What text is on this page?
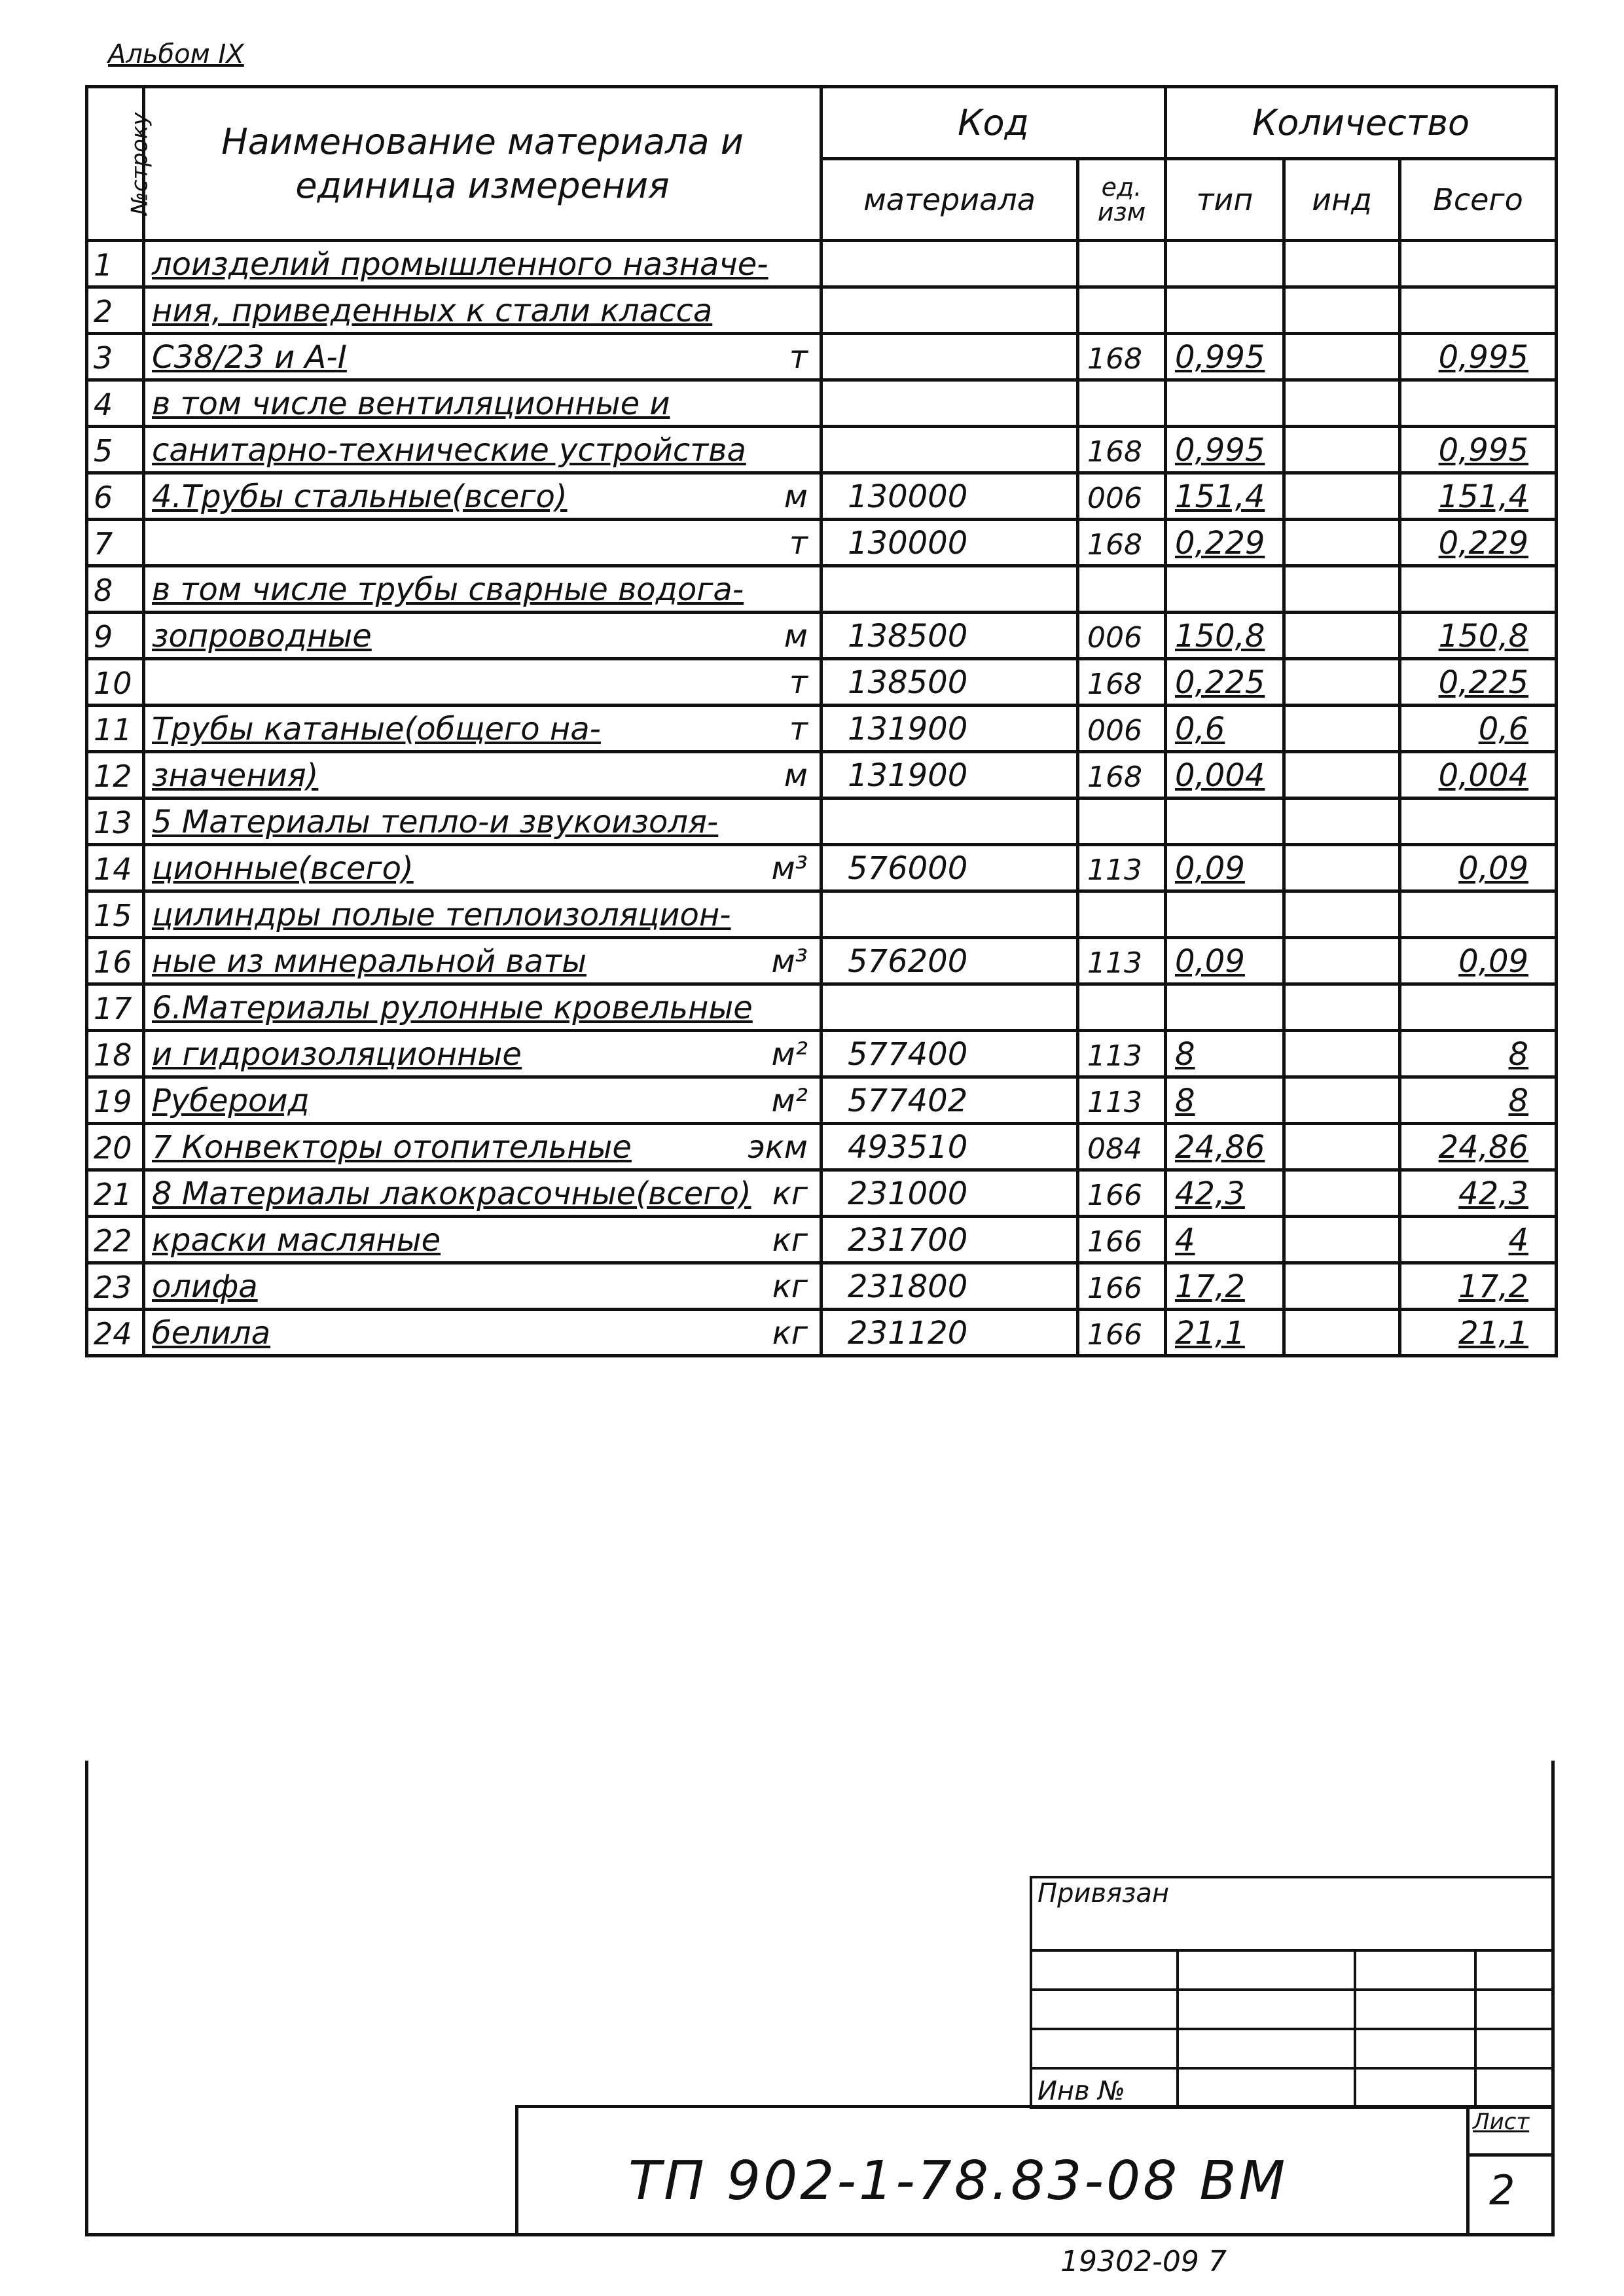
Альбом IX
№строку	Наименование материала и единица измерения	Код		Количество		
		материала	ед. изм	тип	инд	Всего
1	лоизделий промышленного назначе-

2	ния, приведенных к стали класса

3	С38/23 и А-I т		168	0,995		0,995
4	в том числе вентиляционные и

5	санитарно-технические устройства		168	0,995		0,995
6	4.Трубы стальные(всего) м	130000	006	151,4		151,4
7	т	130000	168	0,229		0,229
8	в том числе трубы сварные водога-

9	зопроводные м	138500	006	150,8		150,8
10	т	138500	168	0,225		0,225
11	Трубы катаные(общего на- т	131900	006	0,6		0,6
12	значения) м	131900	168	0,004		0,004
13	5 Материалы тепло-и звукоизоля-

14	ционные(всего) м³	576000	113	0,09		0,09
15	цилиндры полые теплоизоляцион-

16	ные из минеральной ваты м³	576200	113	0,09		0,09
17	6.Материалы рулонные кровельные

18	и гидроизоляционные м²	577400	113	8		8
19	Рубероид м²	577402	113	8		8
20	7 Конвекторы отопительные экм	493510	084	24,86		24,86
21	8 Материалы лакокрасочные(всего) кг	231000	166	42,3		42,3
22	краски масляные кг	231700	166	4		4
23	олифа кг	231800	166	17,2		17,2
24	белила кг	231120	166	21,1		21,1
Привязан			

Инв №			
ТП 902-1-78.83-08 ВМ
Лист
2
19302-09 7
